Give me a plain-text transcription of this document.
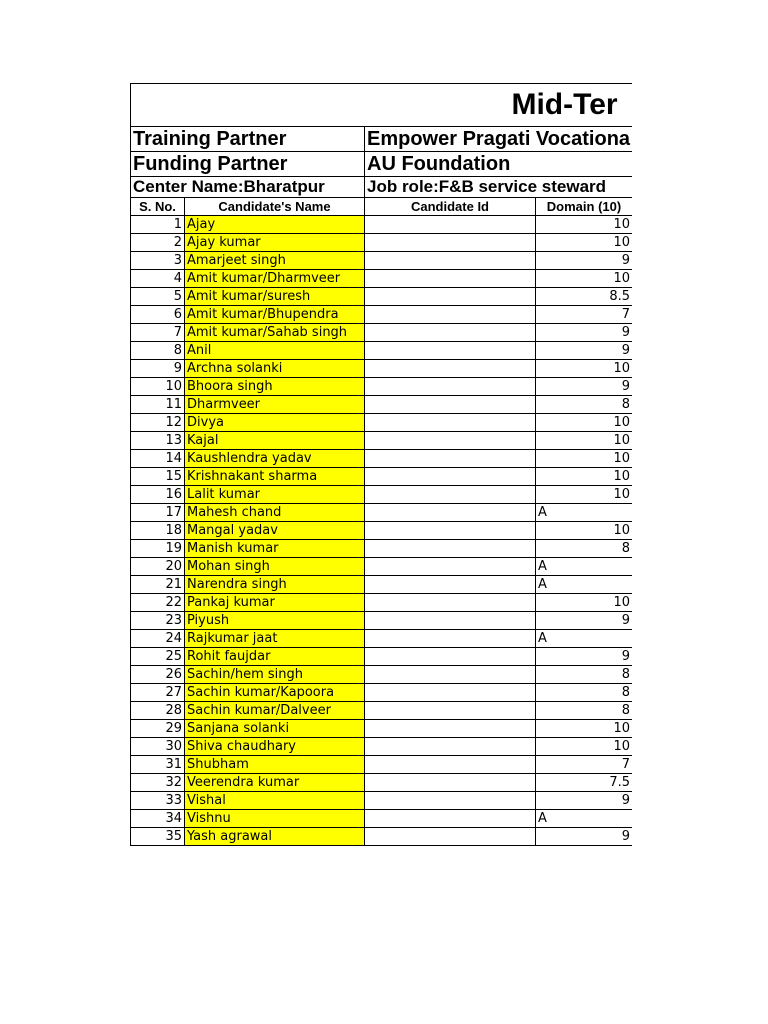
Mid-Ter				
Training Partner		Empower Pragati Vocationa		
Funding Partner		AU Foundation		
Center Name:Bharatpur		Job role:F&B service steward		
S. No.	Candidate's Name	Candidate Id	Domain (10)	
1	Ajay		10	
2	Ajay kumar		10	
3	Amarjeet singh		9	
4	Amit kumar/Dharmveer		10	
5	Amit kumar/suresh		8.5	
6	Amit kumar/Bhupendra		7	
7	Amit kumar/Sahab singh		9	
8	Anil		9	
9	Archna solanki		10	
10	Bhoora singh		9	
11	Dharmveer		8	
12	Divya		10	
13	Kajal		10	
14	Kaushlendra yadav		10	
15	Krishnakant sharma		10	
16	Lalit kumar		10	
17	Mahesh chand		A	
18	Mangal yadav		10	
19	Manish kumar		8	
20	Mohan singh		A	
21	Narendra singh		A	
22	Pankaj kumar		10	
23	Piyush		9	
24	Rajkumar jaat		A	
25	Rohit faujdar		9	
26	Sachin/hem singh		8	
27	Sachin kumar/Kapoora		8	
28	Sachin kumar/Dalveer		8	
29	Sanjana solanki		10	
30	Shiva chaudhary		10	
31	Shubham		7	
32	Veerendra kumar		7.5	
33	Vishal		9	
34	Vishnu		A	
35	Yash agrawal		9	
